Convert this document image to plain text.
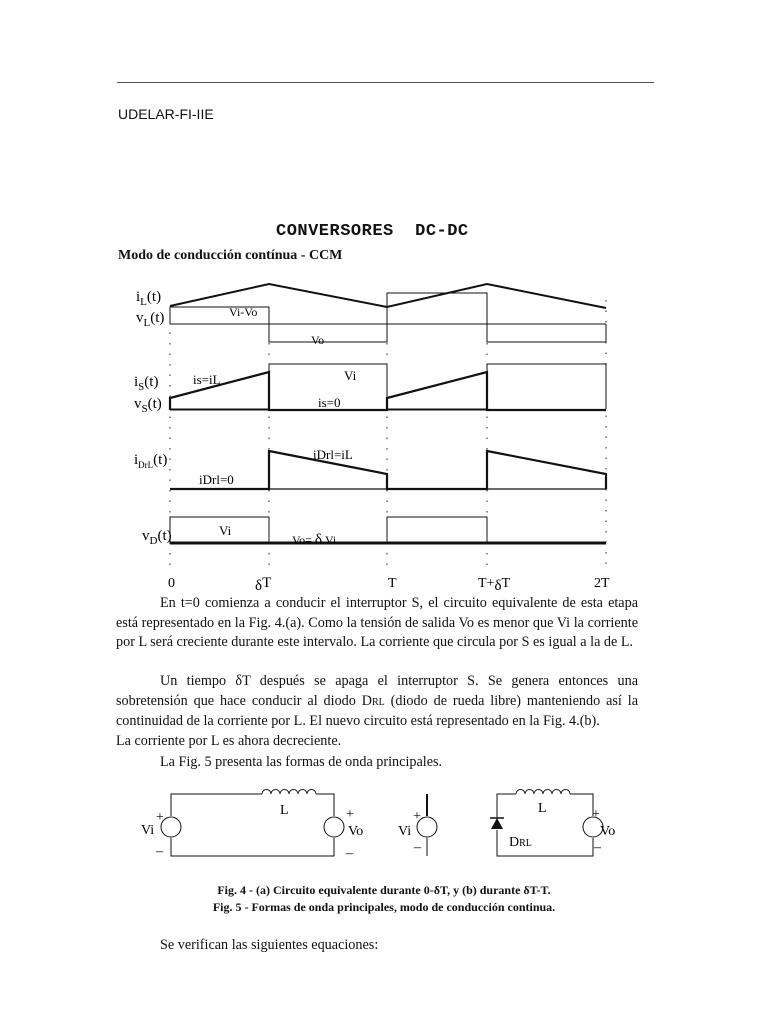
UDELAR-FI-IIE
CONVERSORES  DC-DC
Modo de conducción contínua - CCM
$i_L(t)$
$v_L(t)$
$i_S(t)$
$v_S(t)$
$i_{DrL}(t)$
$v_D(t)$
Vi-Vo
Vo
is=iL	Vi
is=0
iDrl=iL
iDrl=0
Vi
Vo= δ Vi
0	δT	T	T+δT	2T

En t=0 comienza a conducir el interruptor S, el circuito equivalente de esta etapa está representado en la Fig. 4.(a). Como la tensión de salida Vo es menor que Vi la corriente por L será creciente durante este intervalo. La corriente que circula por S es igual a la de L.

Un tiempo δT después se apaga el interruptor S. Se genera entonces una sobretensión que hace conducir al diodo DRL (diodo de rueda libre) manteniendo así la continuidad de la corriente por L. El nuevo circuito está representado en la Fig. 4.(b).

La corriente por L es ahora decreciente.

La Fig. 5 presenta las formas de onda principales.

L
+
Vi
–
+
Vo
–
L
+
Vi
–	DRL
+
Vo
–
Fig. 4 - (a) Circuito equivalente durante 0-δT, y (b) durante δT-T.
Fig. 5 - Formas de onda principales, modo de conducción continua.

Se verifican las siguientes equaciones:
